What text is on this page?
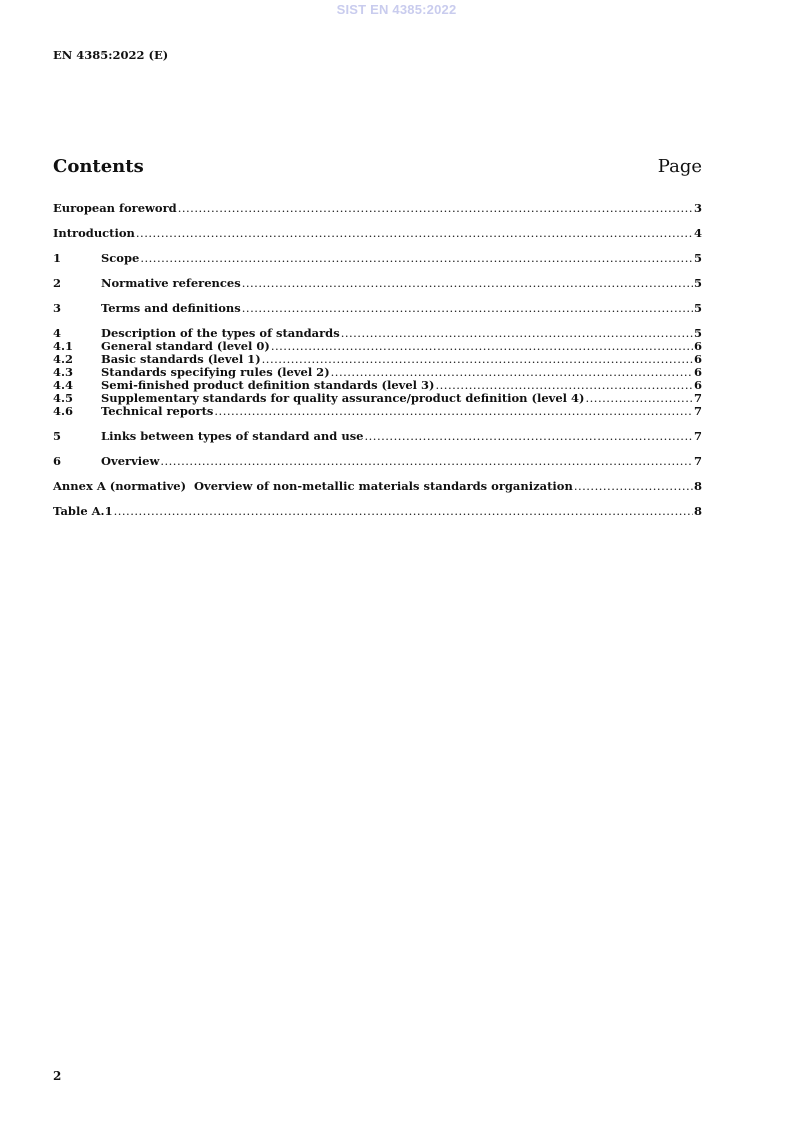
SIST EN 4385:2022
EN 4385:2022 (E)
Contents	Page
European foreword .....	3
Introduction .....	4
1	Scope .....	5
2	Normative references .....	5
3	Terms and definitions .....	5
4	Description of the types of standards .....	5
4.1	General standard (level 0) .....	6
4.2	Basic standards (level 1) .....	6
4.3	Standards specifying rules (level 2) .....	6
4.4	Semi-finished product definition standards (level 3) .....	6
4.5	Supplementary standards for quality assurance/product definition (level 4) .....	7
4.6	Technical reports .....	7
5	Links between types of standard and use .....	7
6	Overview .....	7
Annex A (normative)  Overview of non-metallic materials standards organization .....	8
Table A.1 .....	8
2
